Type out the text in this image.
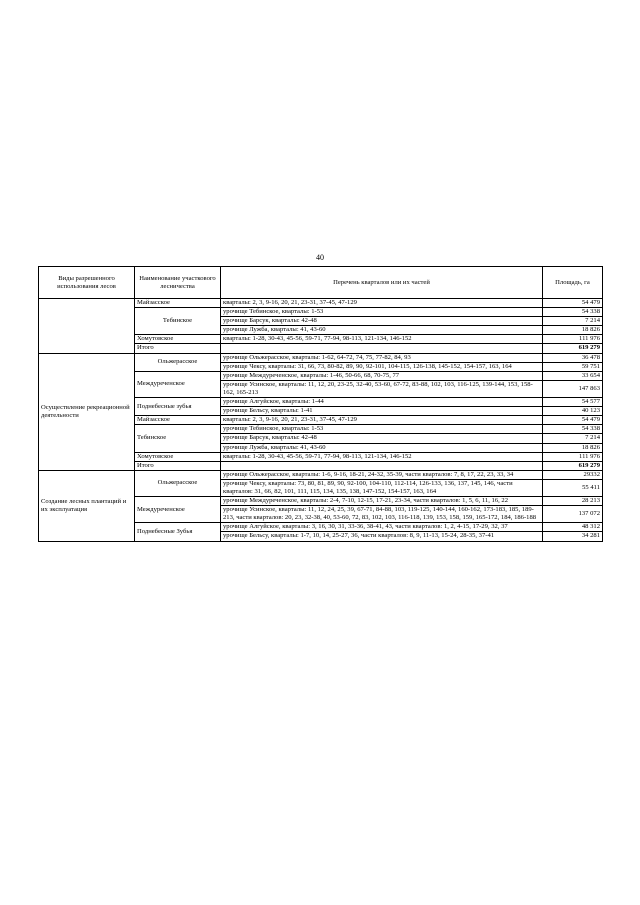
40
Виды разрешенного использования лесов	Наименование участкового лесничества	Перечень кварталов или их частей	Площадь, га
	Майзасское	кварталы: 2, 3, 9-16, 20, 21, 23-31, 37-45, 47-129	54 479
	Тебинское	урочище Тебинское, кварталы: 1-53	54 338
		урочище Барсук, кварталы: 42-48	7 214
		урочище Лужба, кварталы: 41, 43-60	18 826
	Хомутовское	кварталы: 1-28, 30-43, 45-56, 59-71, 77-94, 98-113, 121-134, 146-152	111 976
	Итого		619 279
Осуществление рекреационной деятельности	Ольжерасское	урочище Ольжерасское, кварталы: 1-62, 64-72, 74, 75, 77-82, 84, 93	36 478
		урочище Чексу, кварталы: 31, 66, 73, 80-82, 89, 90, 92-101, 104-115, 126-138, 145-152, 154-157, 163, 164	59 751
	Междуреченское	урочище Междуреченское, кварталы: 1-46, 50-66, 68, 70-75, 77	33 654
		урочище Усинское, кварталы: 11, 12, 20, 23-25, 32-40, 53-60, 67-72, 83-88, 102, 103, 116-125, 139-144, 153, 158-162, 165-213	147 863
	Поднебесные зубья	урочище Алгуйское, кварталы: 1-44	54 577
		урочище Бельсу, кварталы: 1-41	40 123
	Майзасское	кварталы: 2, 3, 9-16, 20, 21, 23-31, 37-45, 47-129	54 479
	Тебинское	урочище Тебинское, кварталы: 1-53	54 338
		урочище Барсук, кварталы: 42-48	7 214
		урочище Лужба, кварталы: 41, 43-60	18 826
	Хомутовское	кварталы: 1-28, 30-43, 45-56, 59-71, 77-94, 98-113, 121-134, 146-152	111 976
	Итого		619 279
Создание лесных плантаций и их эксплуатация	Ольжерасское	урочище Ольжерасское, кварталы: 1-6, 9-16, 18-21, 24-32, 35-39, части кварталов: 7, 8, 17, 22, 23, 33, 34	29332
		урочище Чексу, кварталы: 73, 80, 81, 89, 90, 92-100, 104-110, 112-114, 126-133, 136, 137, 145, 146, части кварталов: 31, 66, 82, 101, 111, 115, 134, 135, 138, 147-152, 154-157, 163, 164	55 411
	Междуреченское	урочище Междуреченское, кварталы: 2-4, 7-10, 12-15, 17-21, 23-34, части кварталов: 1, 5, 6, 11, 16, 22	28 213
		урочище Усинское, кварталы: 11, 12, 24, 25, 39, 67-71, 84-88, 103, 119-125, 140-144, 160-162, 173-183, 185, 189-213, части кварталов: 20, 23, 32-38, 40, 53-60, 72, 83, 102, 103, 116-118, 139, 153, 158, 159, 165-172, 184, 186-188	137 072
	Поднебесные Зубья	урочище Алгуйское, кварталы: 3, 16, 30, 31, 33-36, 38-41, 43, части кварталов: 1, 2, 4-15, 17-29, 32, 37	48 312
		урочище Бельсу, кварталы: 1-7, 10, 14, 25-27, 36, части кварталов: 8, 9, 11-13, 15-24, 28-35, 37-41	34 281
